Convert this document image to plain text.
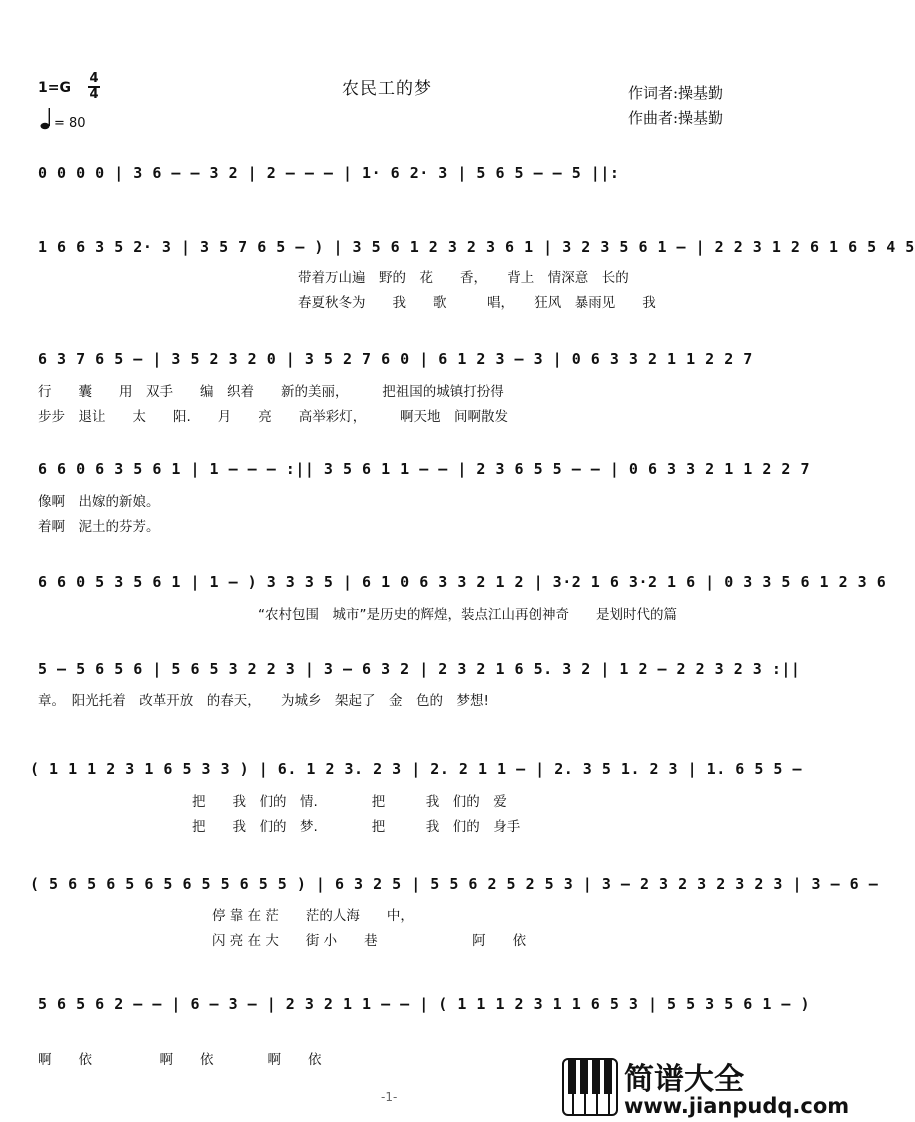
1=G
4
4
= 80
农民工的梦	作词者:操基勤
作曲者:操基勤
0 0 0 0 | 3 6 – – 3 2 | 2 – – – | 1· 6 2· 3 | 5 6 5 – – 5 ||:
1 6 6 3 5 2· 3 | 3 5 7 6 5 – ) | 3 5 6 1 2 3 2 3 6 1 | 3 2 3 5 6 1 – | 2 2 3 1 2 6 1 6 5 4 5
带着万山遍　野的　花　　香，　　背上　情深意　长的
春夏秋冬为　　我　　歌　　　唱，　　狂风　暴雨见　　我
6 3 7 6 5 – | 3 5 2 3 2 0 | 3 5 2 7 6 0 | 6 1 2 3 – 3 | 0 6 3 3 2 1 1 2 2 7
行　　囊　　用　双手　　编　织着　　新的美丽，　　　把祖国的城镇打扮得
步步　退让　　太　　阳.　　月　　亮　　高举彩灯，　　　啊天地　间啊散发
6 6 0 6 3 5 6 1 | 1 – – – :|| 3 5 6 1 1 – – | 2 3 6 5 5 – – | 0 6 3 3 2 1 1 2 2 7
像啊　出嫁的新娘。
着啊　泥土的芬芳。
6 6 0 5 3 5 6 1 | 1 – ) 3 3 3 5 | 6 1 0 6 3 3 2 1 2 | 3·2 1 6 3·2 1 6 | 0 3 3 5 6 1 2 3 6
“农村包围　城市”是历史的辉煌，装点江山再创神奇　　是划时代的篇
5 – 5 6 5 6 | 5 6 5 3 2 2 3 | 3 – 6 3 2 | 2 3 2 1 6 5. 3 2 | 1 2 – 2 2 3 2 3 :||
章。　阳光托着　改革开放　的春天，　　为城乡　架起了　金　色的　梦想!
( 1 1 1 2 3 1 6 5 3 3 ) | 6. 1 2 3. 2 3 | 2. 2 1 1 – | 2. 3 5 1. 2 3 | 1. 6 5 5 –
把　　我　们的　情.　　　　把　　　我　们的　爱
把　　我　们的　梦.　　　　把　　　我　们的　身手
( 5 6 5 6 5 6 5 6 5 5 6 5 5 ) | 6 3 2 5 | 5 5 6 2 5 2 5 3 | 3 – 2 3 2 3 2 3 2 3 | 3 – 6 –
停 靠 在 茫　　茫的人海　　中，
闪 亮 在 大　　街 小　　巷　　　　　　　阿　　依
5 6 5 6 2 – – | 6 – 3 – | 2 3 2 1 1 – – | ( 1 1 1 2 3 1 1 6 5 3 | 5 5 3 5 6 1 – )
啊　　依　　　　　啊　　依　　　　啊　　依
-1-	简谱大全
www.jianpudq.com
